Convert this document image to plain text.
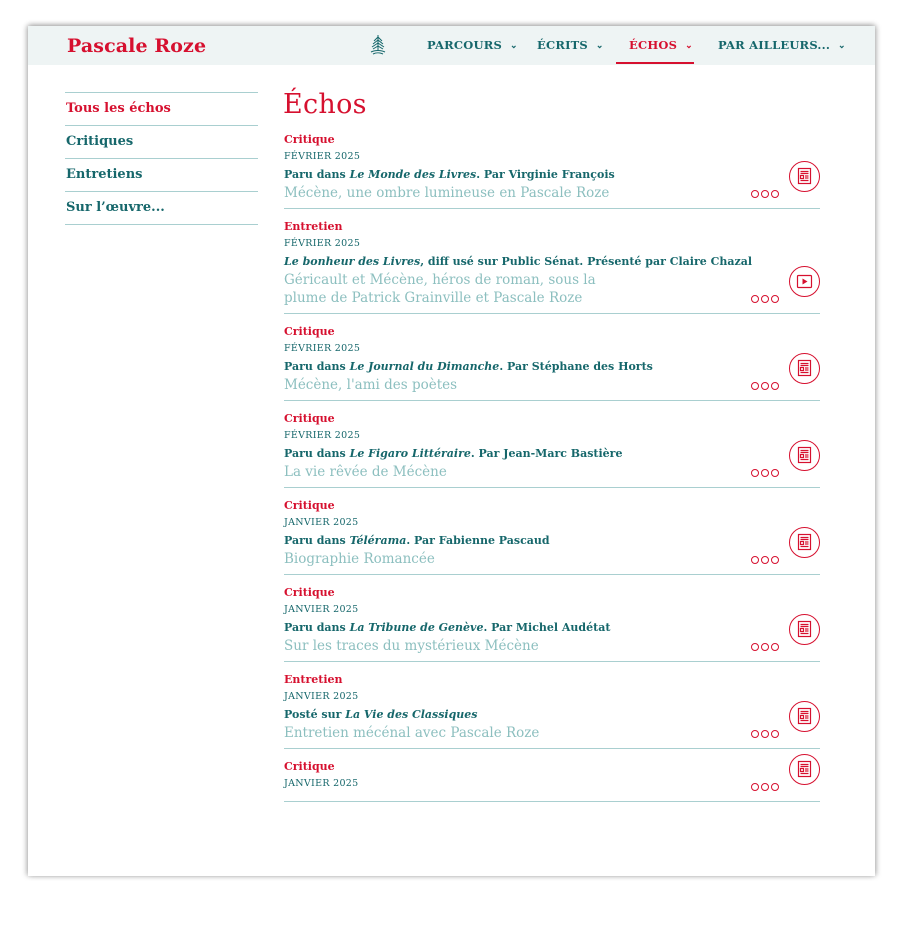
Pascale Roze	PARCOURS ⌄ ÉCRITS ⌄ ÉCHOS ⌄ PAR AILLEURS... ⌄
Tous les échos
Critiques
Entretiens
Sur l’œuvre...
Échos
Critique
FÉVRIER 2025
Paru dans Le Monde des Livres. Par Virginie François
Mécène, une ombre lumineuse en Pascale Roze
Entretien
FÉVRIER 2025
Le bonheur des Livres, diff usé sur Public Sénat. Présenté par Claire Chazal
Géricault et Mécène, héros de roman, sous la plume de Patrick Grainville et Pascale Roze
Critique
FÉVRIER 2025
Paru dans Le Journal du Dimanche. Par Stéphane des Horts
Mécène, l'ami des poètes
Critique
FÉVRIER 2025
Paru dans Le Figaro Littéraire. Par Jean-Marc Bastière
La vie rêvée de Mécène
Critique
JANVIER 2025
Paru dans Télérama. Par Fabienne Pascaud
Biographie Romancée
Critique
JANVIER 2025
Paru dans La Tribune de Genève. Par Michel Audétat
Sur les traces du mystérieux Mécène
Entretien
JANVIER 2025
Posté sur La Vie des Classiques
Entretien mécénal avec Pascale Roze
Critique
JANVIER 2025
